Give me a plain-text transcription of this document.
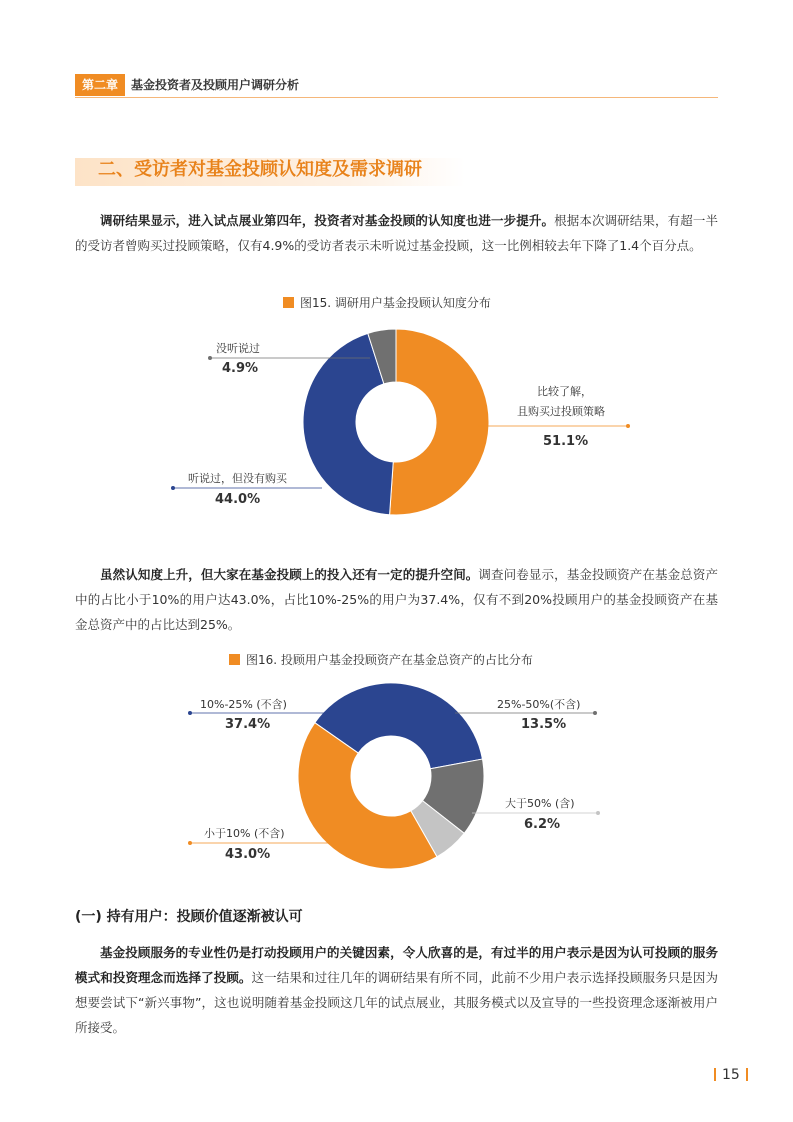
第二章	基金投资者及投顾用户调研分析
二、受访者对基金投顾认知度及需求调研
调研结果显示，进入试点展业第四年，投资者对基金投顾的认知度也进一步提升。根据本次调研结果，有超一半的受访者曾购买过投顾策略，仅有4.9%的受访者表示未听说过基金投顾，这一比例相较去年下降了1.4个百分点。
图15. 调研用户基金投顾认知度分布
没听说过
4.9%
比较了解，
且购买过投顾策略
51.1%
听说过，但没有购买
44.0%
虽然认知度上升，但大家在基金投顾上的投入还有一定的提升空间。调查问卷显示，基金投顾资产在基金总资产中的占比小于10%的用户达43.0%，占比10%-25%的用户为37.4%，仅有不到20%投顾用户的基金投顾资产在基金总资产中的占比达到25%。
图16. 投顾用户基金投顾资产在基金总资产的占比分布
10%-25% (不含)
37.4%
25%-50%(不含)
13.5%
大于50% (含)
6.2%
小于10% (不含)
43.0%
(一) 持有用户：投顾价值逐渐被认可
基金投顾服务的专业性仍是打动投顾用户的关键因素，令人欣喜的是，有过半的用户表示是因为认可投顾的服务模式和投资理念而选择了投顾。这一结果和过往几年的调研结果有所不同，此前不少用户表示选择投顾服务只是因为想要尝试下“新兴事物”，这也说明随着基金投顾这几年的试点展业，其服务模式以及宣导的一些投资理念逐渐被用户所接受。
15
